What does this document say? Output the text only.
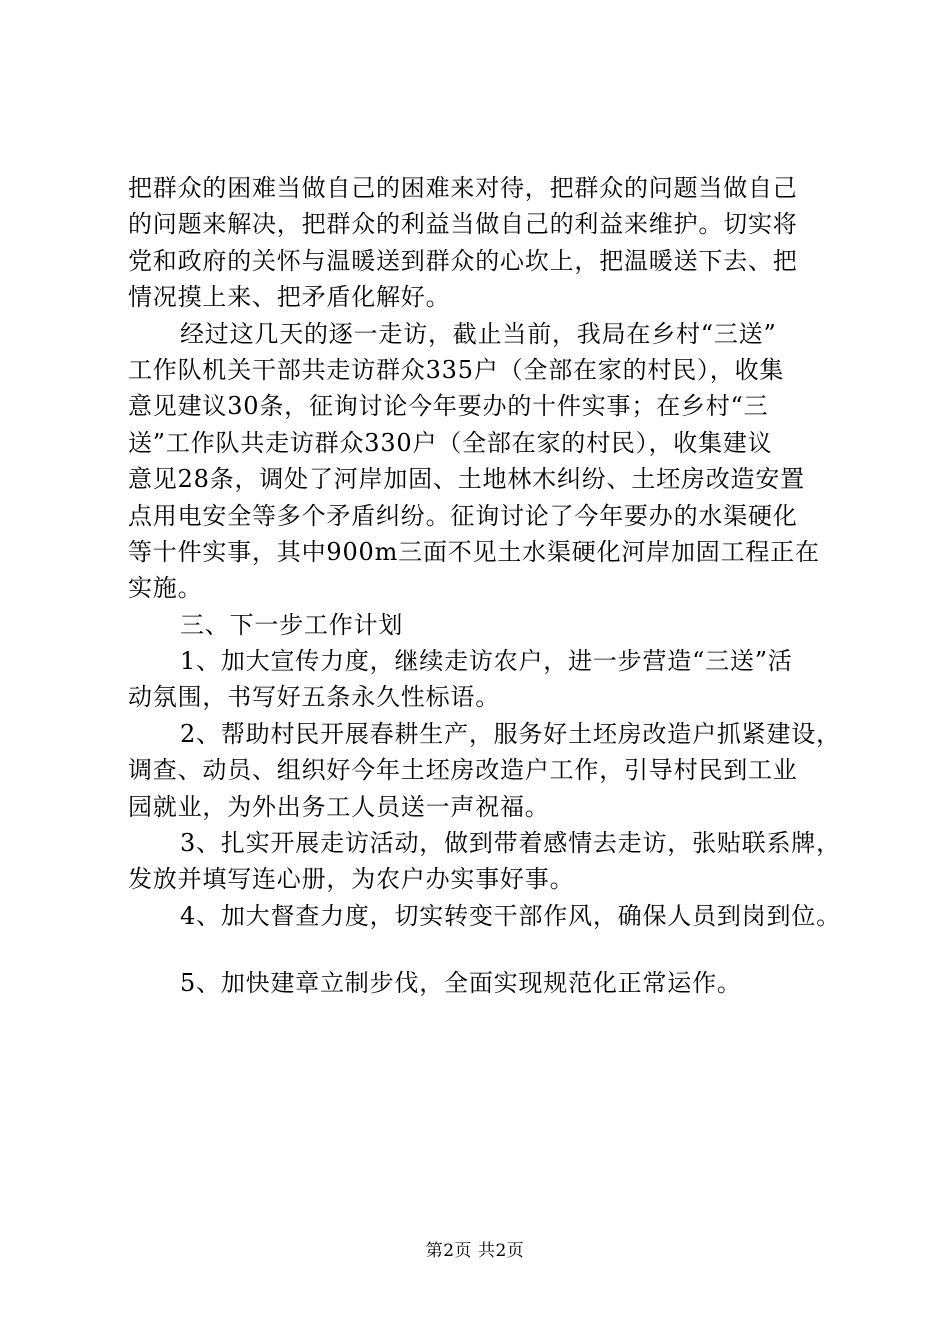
把群众的困难当做自己的困难来对待，把群众的问题当做自己
的问题来解决，把群众的利益当做自己的利益来维护。切实将
党和政府的关怀与温暖送到群众的心坎上，把温暖送下去、把
情况摸上来、把矛盾化解好。
经过这几天的逐一走访，截止当前，我局在乡村“三送”
工作队机关干部共走访群众335户（全部在家的村民），收集
意见建议30条，征询讨论今年要办的十件实事；在乡村“三
送”工作队共走访群众330户（全部在家的村民），收集建议
意见28条，调处了河岸加固、土地林木纠纷、土坯房改造安置
点用电安全等多个矛盾纠纷。征询讨论了今年要办的水渠硬化
等十件实事，其中900m三面不见土水渠硬化河岸加固工程正在
实施。
三、下一步工作计划
1、加大宣传力度，继续走访农户，进一步营造“三送”活
动氛围，书写好五条永久性标语。
2、帮助村民开展春耕生产，服务好土坯房改造户抓紧建设，
调查、动员、组织好今年土坯房改造户工作，引导村民到工业
园就业，为外出务工人员送一声祝福。
3、扎实开展走访活动，做到带着感情去走访，张贴联系牌，
发放并填写连心册，为农户办实事好事。
4、加大督查力度，切实转变干部作风，确保人员到岗到位。
5、加快建章立制步伐，全面实现规范化正常运作。
第2页 共2页
